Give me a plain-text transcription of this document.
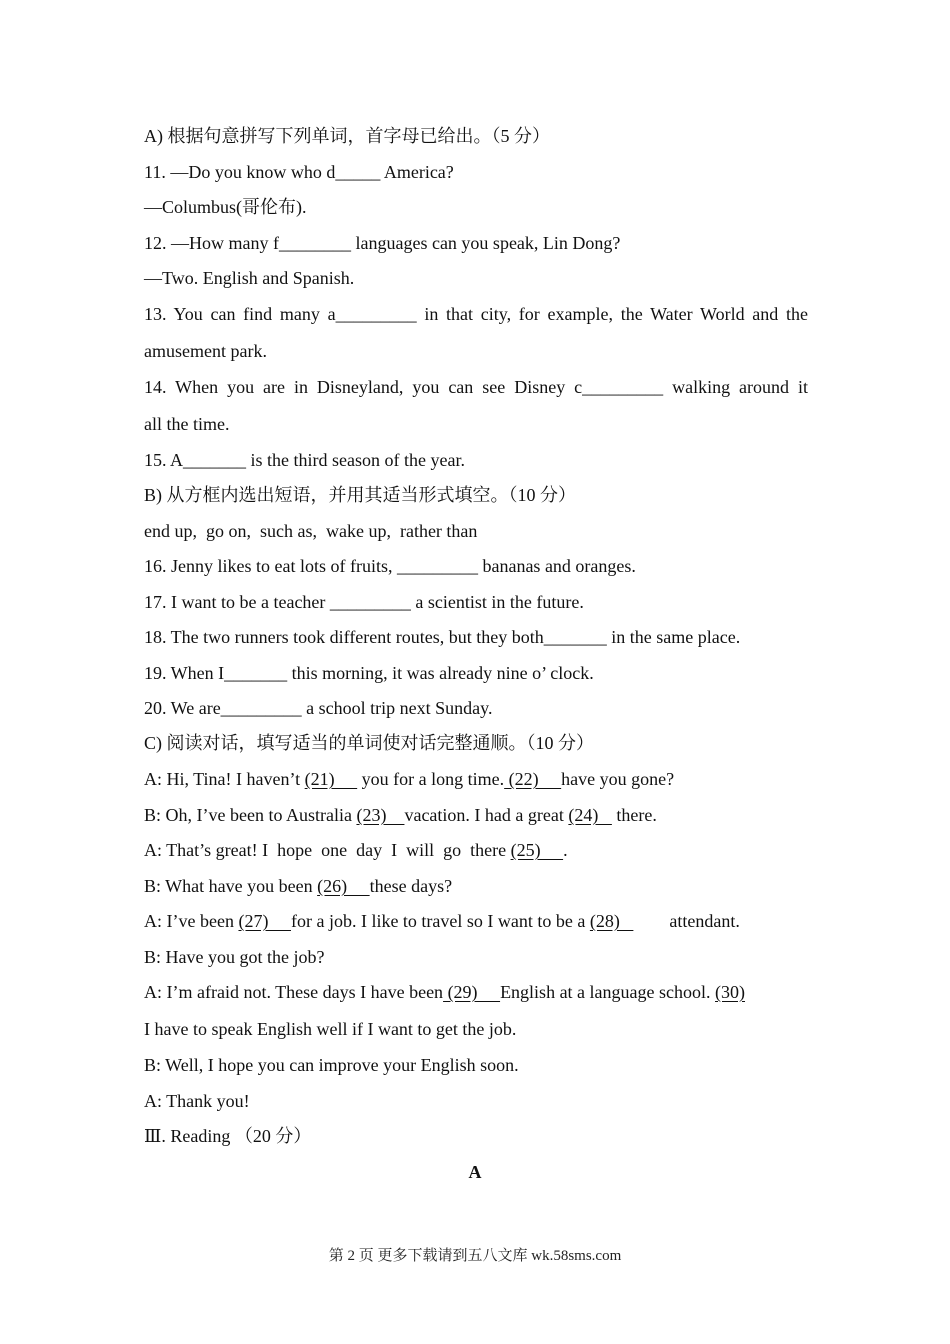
A) 根据句意拼写下列单词，首字母已给出。（5 分）
11. —Do you know who d_____ America?
—Columbus(哥伦布).
12. —How many f________ languages can you speak, Lin Dong?
—Two. English and Spanish.
13. You can find many a_________ in that city, for example, the Water World and the
amusement park.
14. When you are in Disneyland, you can see Disney c_________ walking around it
all the time.
15. A_______ is the third season of the year.
B) 从方框内选出短语，并用其适当形式填空。（10 分）
end up,  go on,  such as,  wake up,  rather than
16. Jenny likes to eat lots of fruits, _________ bananas and oranges.
17. I want to be a teacher _________ a scientist in the future.
18. The two runners took different routes, but they both_______ in the same place.
19. When I_______ this morning, it was already nine o’ clock.
20. We are_________ a school trip next Sunday.
C) 阅读对话，填写适当的单词使对话完整通顺。（10 分）
A: Hi, Tina! I haven’t (21)      you for a long time. (22)     have you gone?
B: Oh, I’ve been to Australia (23)    vacation. I had a great (24)    there.
A: That’s great! I  hope  one  day  I  will  go  there (25)     .
B: What have you been (26)     these days?
A: I’ve been (27)     for a job. I like to travel so I want to be a (28)           attendant.
B: Have you got the job?
A: I’m afraid not. These days I have been (29)     English at a language school. (30)
I have to speak English well if I want to get the job.
B: Well, I hope you can improve your English soon.
A: Thank you!
Ⅲ. Reading （20 分）
A
第 2 页 更多下载请到五八文库 wk.58sms.com
